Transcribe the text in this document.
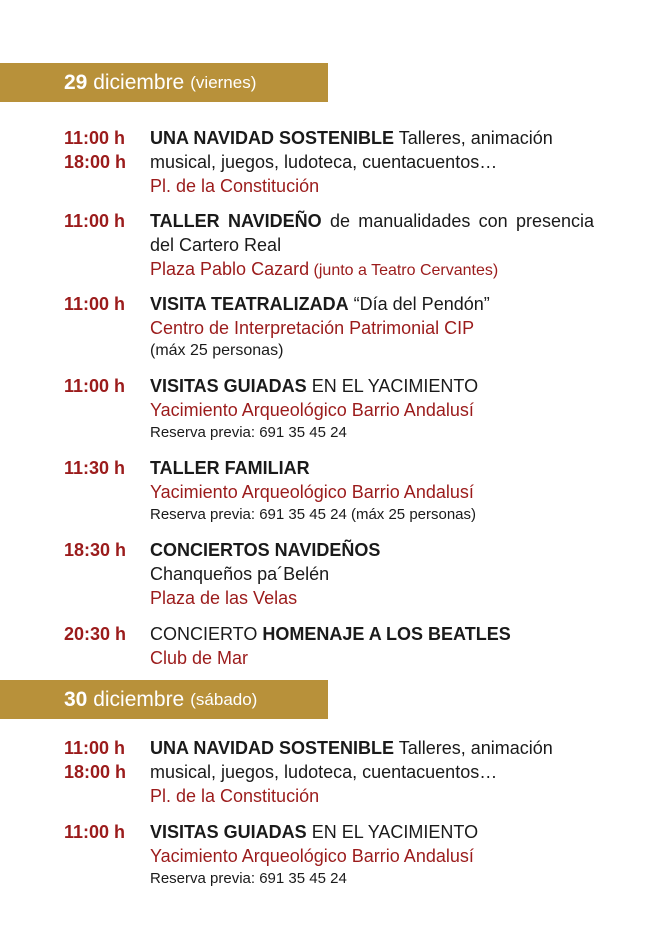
29
diciembre (viernes)
11:00 h
18:00 h
UNA NAVIDAD SOSTENIBLE Talleres, animación musical, juegos, ludoteca, cuentacuentos…
Pl. de la Constitución
11:00 h	TALLER NAVIDEÑO de manualidades con presencia del Cartero Real
Plaza Pablo Cazard (junto a Teatro Cervantes)
11:00 h	VISITA TEATRALIZADA “Día del Pendón”
Centro de Interpretación Patrimonial CIP
(máx 25 personas)
11:00 h	VISITAS GUIADAS EN EL YACIMIENTO
Yacimiento Arqueológico Barrio Andalusí
Reserva previa: 691 35 45 24
11:30 h	TALLER FAMILIAR
Yacimiento Arqueológico Barrio Andalusí
Reserva previa: 691 35 45 24 (máx 25 personas)
18:30 h	CONCIERTOS NAVIDEÑOS
Chanqueños pa´Belén
Plaza de las Velas
20:30 h	CONCIERTO HOMENAJE A LOS BEATLES
Club de Mar
30
diciembre (sábado)
11:00 h
18:00 h
UNA NAVIDAD SOSTENIBLE Talleres, animación musical, juegos, ludoteca, cuentacuentos…
Pl. de la Constitución
11:00 h	VISITAS GUIADAS EN EL YACIMIENTO
Yacimiento Arqueológico Barrio Andalusí
Reserva previa: 691 35 45 24
